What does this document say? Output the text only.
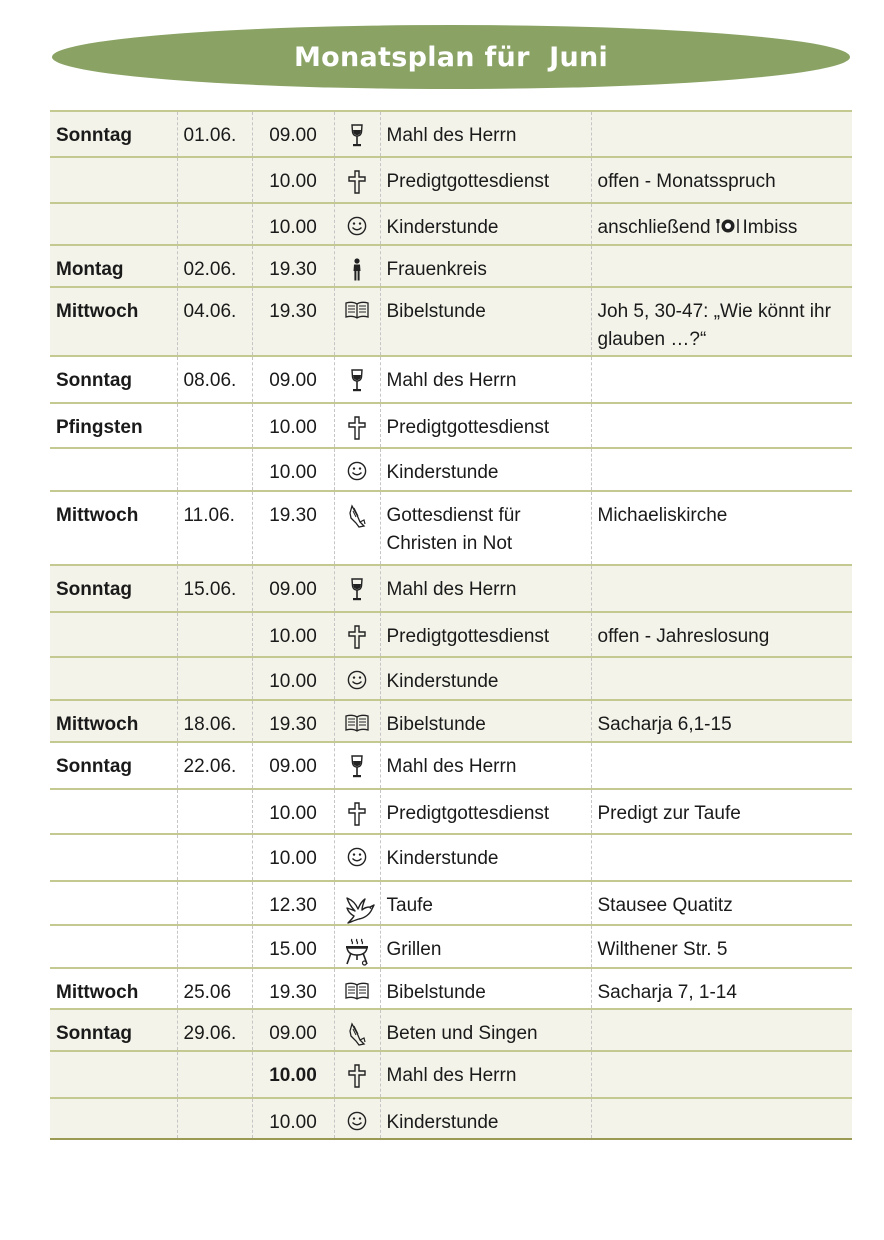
Monatsplan für  Juni
Sonntag	01.06.	09.00		Mahl des Herrn	
		10.00		Predigtgottesdienst	offen - Monatsspruch
		10.00		Kinderstunde	anschließend Imbiss
Montag	02.06.	19.30		Frauenkreis	
Mittwoch	04.06.	19.30		Bibelstunde	Joh 5, 30-47: „Wie könnt ihr glauben …?“
Sonntag	08.06.	09.00		Mahl des Herrn	
Pfingsten		10.00		Predigtgottesdienst	
		10.00		Kinderstunde	
Mittwoch	11.06.	19.30		Gottesdienst für Christen in Not	Michaeliskirche
Sonntag	15.06.	09.00		Mahl des Herrn	
		10.00		Predigtgottesdienst	offen - Jahreslosung
		10.00		Kinderstunde	
Mittwoch	18.06.	19.30		Bibelstunde	Sacharja 6,1-15
Sonntag	22.06.	09.00		Mahl des Herrn	
		10.00		Predigtgottesdienst	Predigt zur Taufe
		10.00		Kinderstunde	
		12.30		Taufe	Stausee Quatitz
		15.00		Grillen	Wilthener Str. 5
Mittwoch	25.06	19.30		Bibelstunde	Sacharja 7, 1-14
Sonntag	29.06.	09.00		Beten und Singen	
		10.00		Mahl des Herrn	
		10.00		Kinderstunde	
